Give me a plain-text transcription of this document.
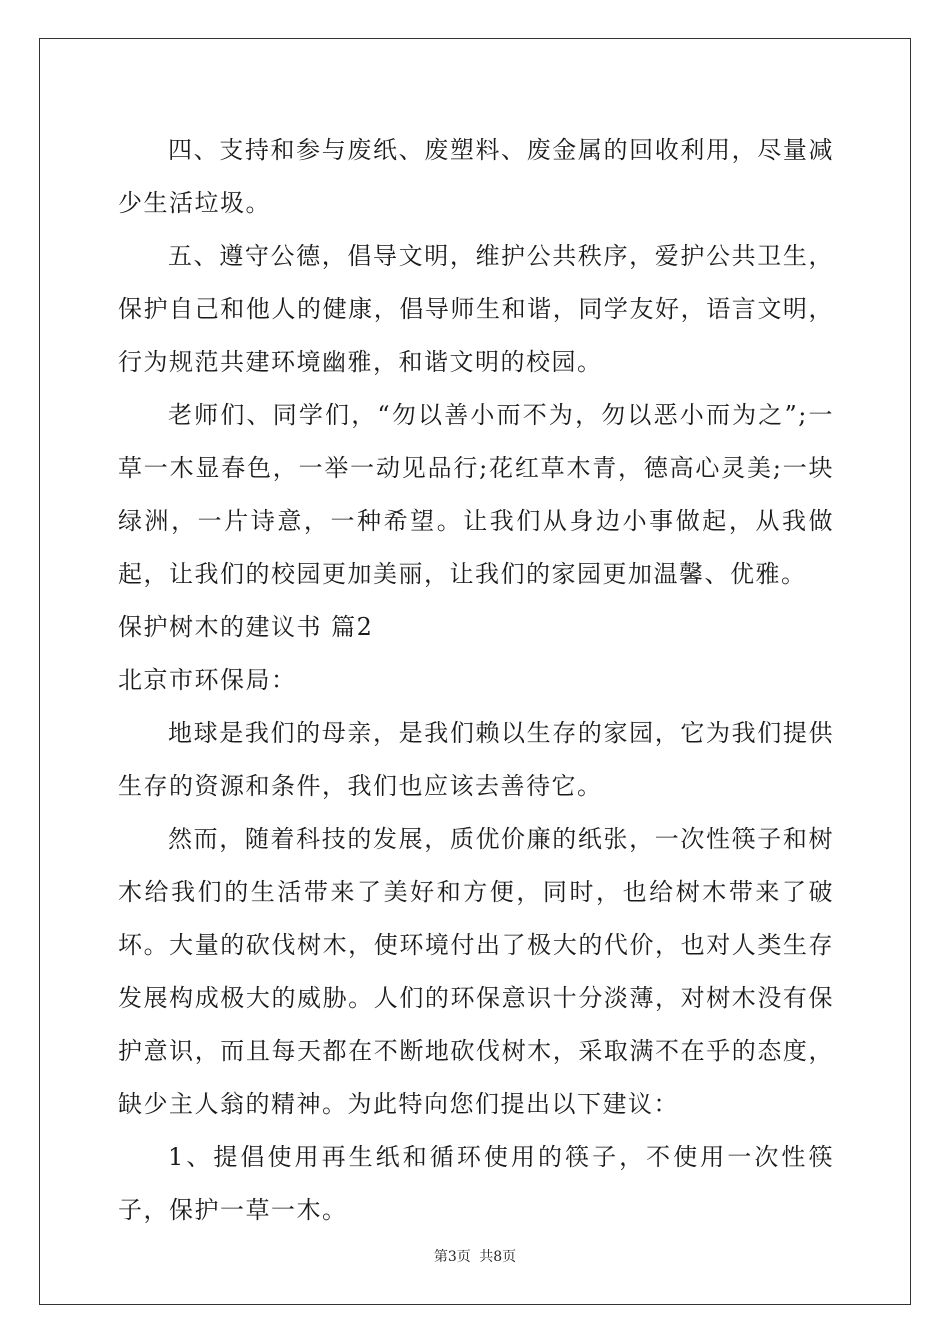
四、支持和参与废纸、废塑料、废金属的回收利用，尽量减少生活垃圾。

五、遵守公德，倡导文明，维护公共秩序，爱护公共卫生，保护自己和他人的健康，倡导师生和谐，同学友好，语言文明，行为规范共建环境幽雅，和谐文明的校园。

老师们、同学们，“勿以善小而不为，勿以恶小而为之”;一草一木显春色，一举一动见品行;花红草木青，德高心灵美;一块绿洲，一片诗意，一种希望。让我们从身边小事做起，从我做起，让我们的校园更加美丽，让我们的家园更加温馨、优雅。

保护树木的建议书 篇2

北京市环保局：

地球是我们的母亲，是我们赖以生存的家园，它为我们提供生存的资源和条件，我们也应该去善待它。

然而，随着科技的发展，质优价廉的纸张，一次性筷子和树木给我们的生活带来了美好和方便，同时，也给树木带来了破坏。大量的砍伐树木，使环境付出了极大的代价，也对人类生存发展构成极大的威胁。人们的环保意识十分淡薄，对树木没有保护意识，而且每天都在不断地砍伐树木，采取满不在乎的态度，缺少主人翁的精神。为此特向您们提出以下建议：

1、提倡使用再生纸和循环使用的筷子，不使用一次性筷子，保护一草一木。

第3页 共8页
